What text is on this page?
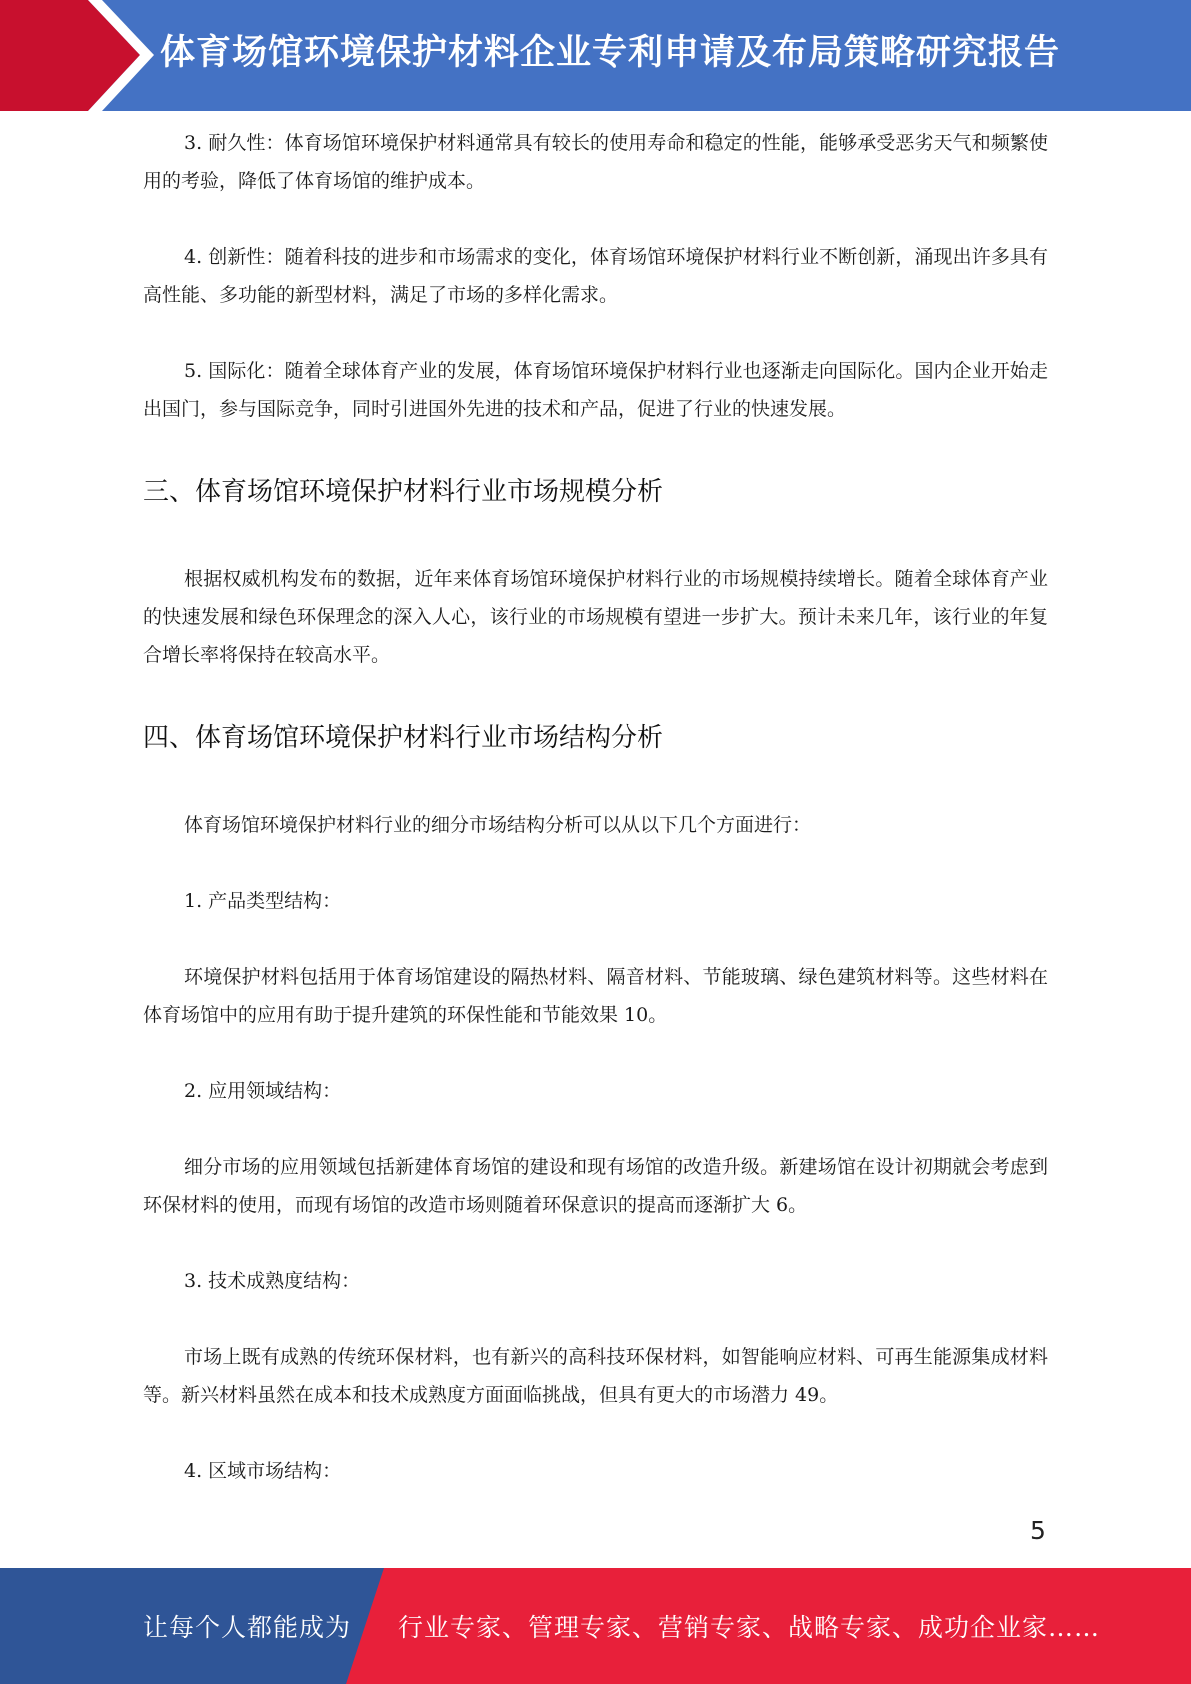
体育场馆环境保护材料企业专利申请及布局策略研究报告

3. 耐久性：体育场馆环境保护材料通常具有较长的使用寿命和稳定的性能，能够承受恶劣天气和频繁使用的考验，降低了体育场馆的维护成本。

4. 创新性：随着科技的进步和市场需求的变化，体育场馆环境保护材料行业不断创新，涌现出许多具有高性能、多功能的新型材料，满足了市场的多样化需求。

5. 国际化：随着全球体育产业的发展，体育场馆环境保护材料行业也逐渐走向国际化。国内企业开始走出国门，参与国际竞争，同时引进国外先进的技术和产品，促进了行业的快速发展。

三、体育场馆环境保护材料行业市场规模分析

根据权威机构发布的数据，近年来体育场馆环境保护材料行业的市场规模持续增长。随着全球体育产业的快速发展和绿色环保理念的深入人心，该行业的市场规模有望进一步扩大。预计未来几年，该行业的年复合增长率将保持在较高水平。

四、体育场馆环境保护材料行业市场结构分析

体育场馆环境保护材料行业的细分市场结构分析可以从以下几个方面进行：

1. 产品类型结构：

环境保护材料包括用于体育场馆建设的隔热材料、隔音材料、节能玻璃、绿色建筑材料等。这些材料在体育场馆中的应用有助于提升建筑的环保性能和节能效果 10。

2. 应用领域结构：

细分市场的应用领域包括新建体育场馆的建设和现有场馆的改造升级。新建场馆在设计初期就会考虑到环保材料的使用，而现有场馆的改造市场则随着环保意识的提高而逐渐扩大 6。

3. 技术成熟度结构：

市场上既有成熟的传统环保材料，也有新兴的高科技环保材料，如智能响应材料、可再生能源集成材料等。新兴材料虽然在成本和技术成熟度方面面临挑战，但具有更大的市场潜力 49。

4. 区域市场结构：

5
让每个人都能成为 行业专家、管理专家、营销专家、战略专家、成功企业家……
